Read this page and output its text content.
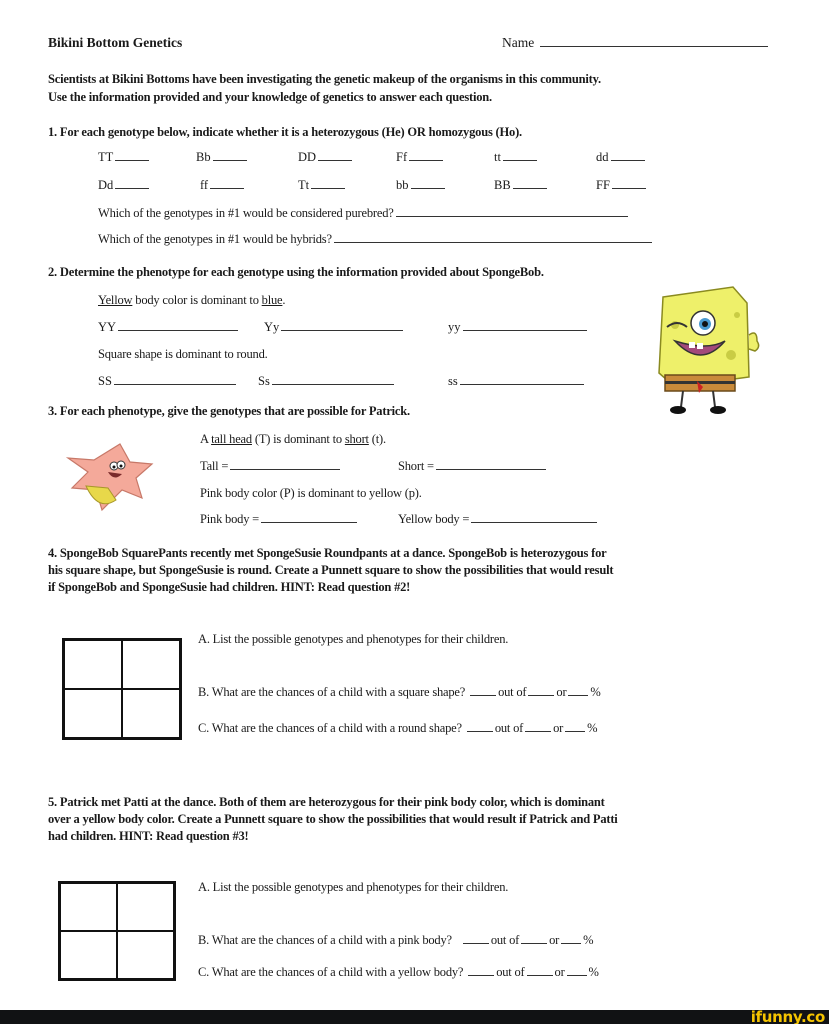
Bikini Bottom Genetics	Name
Scientists at Bikini Bottoms have been investigating the genetic makeup of the organisms in this community.
Use the information provided and your knowledge of genetics to answer each question.
1. For each genotype below, indicate whether it is a heterozygous (He) OR homozygous (Ho).
TT	Bb	DD	Ff	tt	dd
Dd	ff	Tt	bb	BB	FF
Which of the genotypes in #1 would be considered purebred?
Which of the genotypes in #1 would be hybrids?
2. Determine the phenotype for each genotype using the information provided about SpongeBob.
Yellow body color is dominant to blue.
YY	Yy	yy
Square shape is dominant to round.
SS	Ss	ss
3. For each phenotype, give the genotypes that are possible for Patrick.
A tall head (T) is dominant to short (t).
Tall =	Short =
Pink body color (P) is dominant to yellow (p).
Pink body =	Yellow body =
4. SpongeBob SquarePants recently met SpongeSusie Roundpants at a dance. SpongeBob is heterozygous for
his square shape, but SpongeSusie is round. Create a Punnett square to show the possibilities that would result
if SpongeBob and SpongeSusie had children. HINT: Read question #2!
A. List the possible genotypes and phenotypes for their children.
B. What are the chances of a child with a square shape?	out of or %
C. What are the chances of a child with a round shape?	out of or %
5. Patrick met Patti at the dance. Both of them are heterozygous for their pink body color, which is dominant
over a yellow body color. Create a Punnett square to show the possibilities that would result if Patrick and Patti
had children. HINT: Read question #3!
A. List the possible genotypes and phenotypes for their children.
B. What are the chances of a child with a pink body?	out of or %
C. What are the chances of a child with a yellow body?	out of or %
ifunny.co
